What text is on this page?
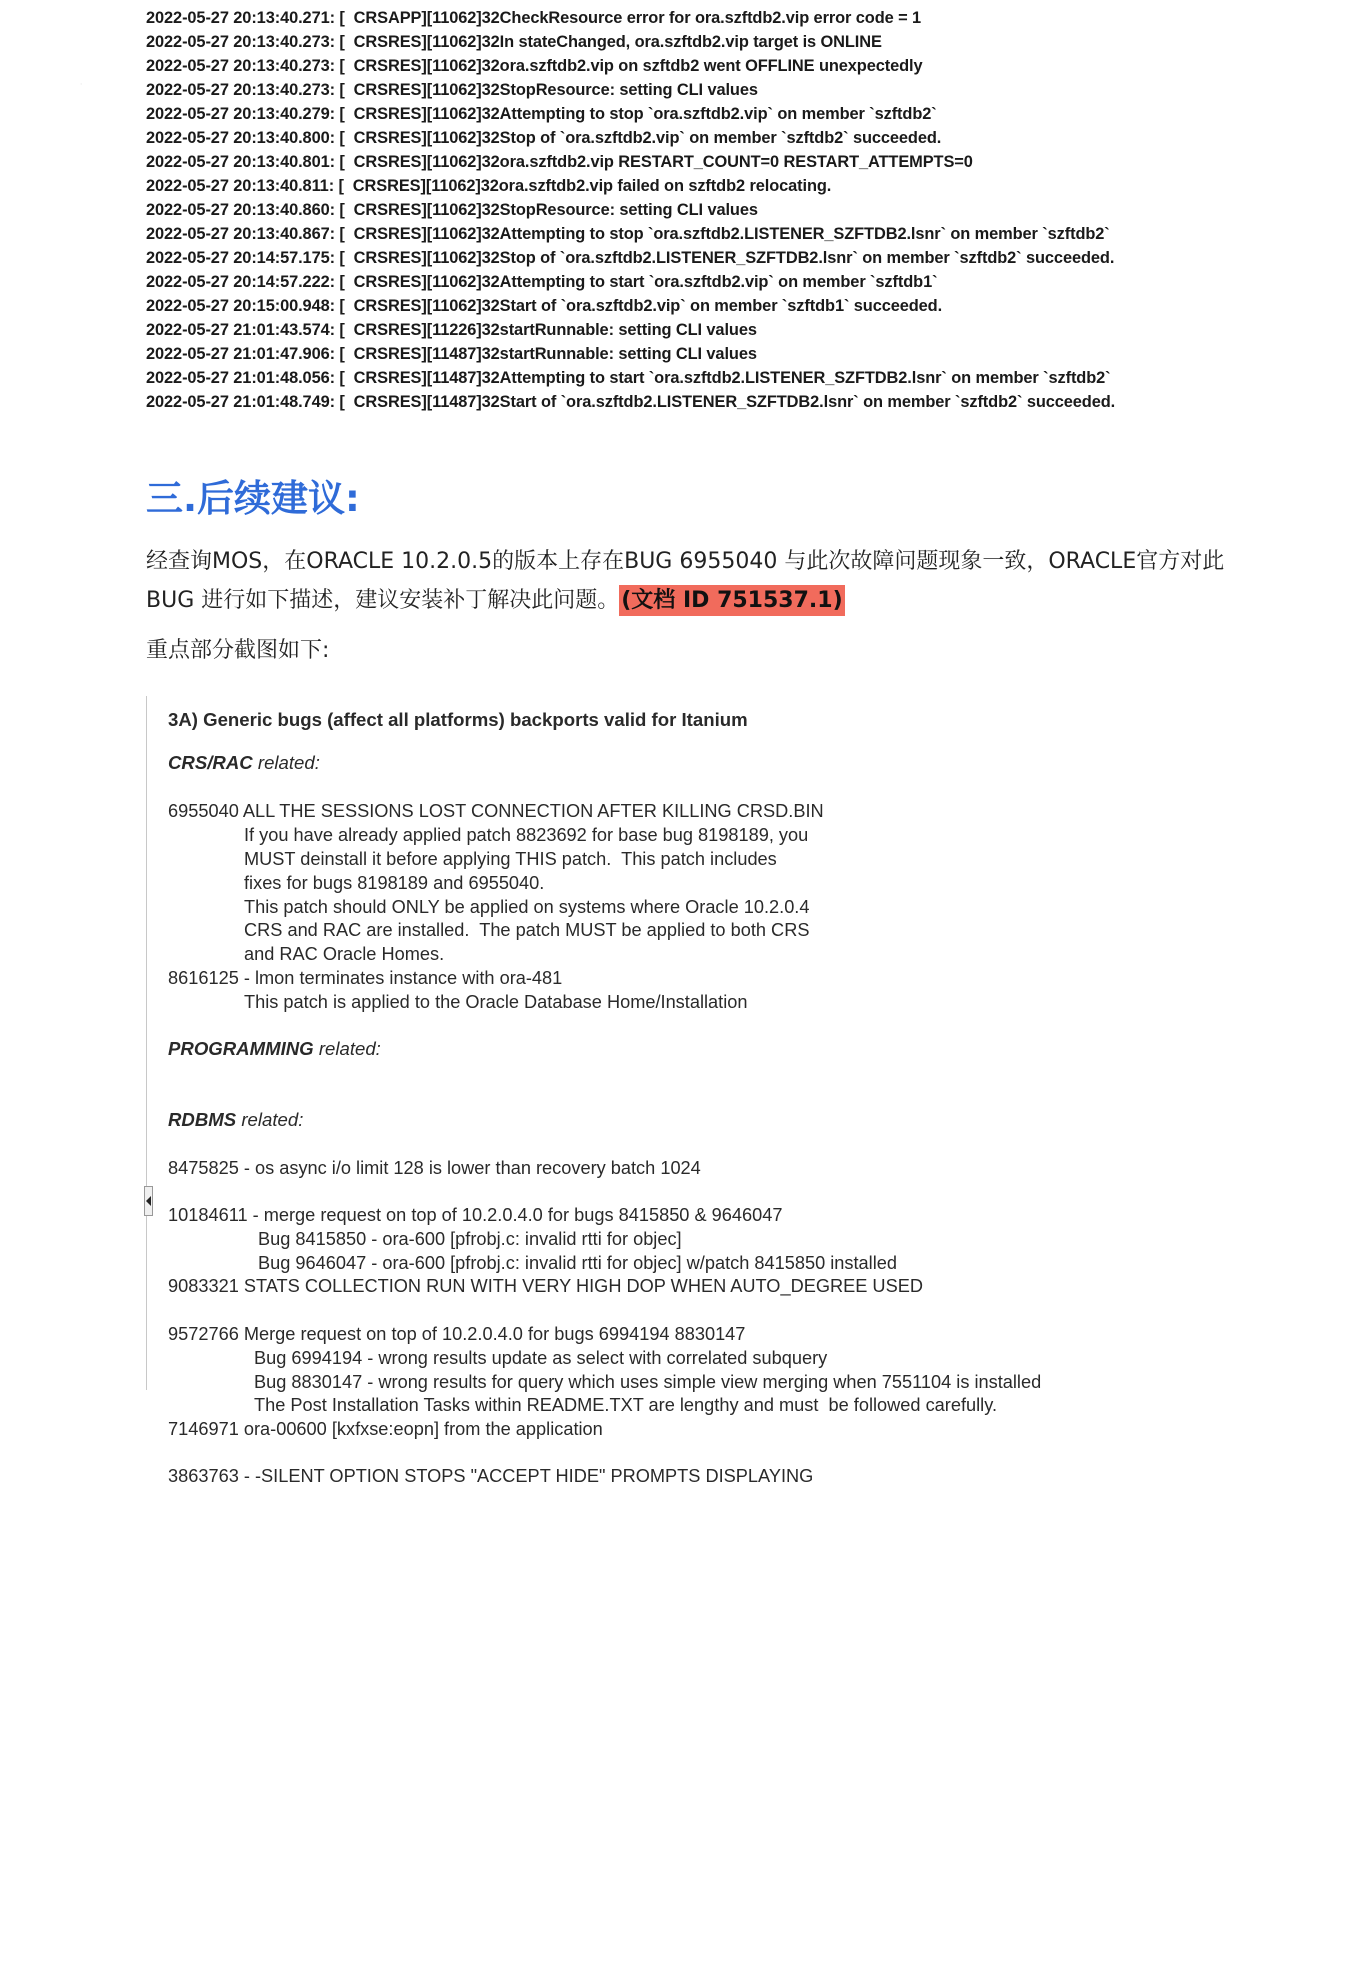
2022-05-27 20:13:40.271: [  CRSAPP][11062]32CheckResource error for ora.szftdb2.vip error code = 1
2022-05-27 20:13:40.273: [  CRSRES][11062]32In stateChanged, ora.szftdb2.vip target is ONLINE
2022-05-27 20:13:40.273: [  CRSRES][11062]32ora.szftdb2.vip on szftdb2 went OFFLINE unexpectedly
2022-05-27 20:13:40.273: [  CRSRES][11062]32StopResource: setting CLI values
2022-05-27 20:13:40.279: [  CRSRES][11062]32Attempting to stop `ora.szftdb2.vip` on member `szftdb2`
2022-05-27 20:13:40.800: [  CRSRES][11062]32Stop of `ora.szftdb2.vip` on member `szftdb2` succeeded.
2022-05-27 20:13:40.801: [  CRSRES][11062]32ora.szftdb2.vip RESTART_COUNT=0 RESTART_ATTEMPTS=0
2022-05-27 20:13:40.811: [  CRSRES][11062]32ora.szftdb2.vip failed on szftdb2 relocating.
2022-05-27 20:13:40.860: [  CRSRES][11062]32StopResource: setting CLI values
2022-05-27 20:13:40.867: [  CRSRES][11062]32Attempting to stop `ora.szftdb2.LISTENER_SZFTDB2.lsnr` on member `szftdb2`
2022-05-27 20:14:57.175: [  CRSRES][11062]32Stop of `ora.szftdb2.LISTENER_SZFTDB2.lsnr` on member `szftdb2` succeeded.
2022-05-27 20:14:57.222: [  CRSRES][11062]32Attempting to start `ora.szftdb2.vip` on member `szftdb1`
2022-05-27 20:15:00.948: [  CRSRES][11062]32Start of `ora.szftdb2.vip` on member `szftdb1` succeeded.
2022-05-27 21:01:43.574: [  CRSRES][11226]32startRunnable: setting CLI values
2022-05-27 21:01:47.906: [  CRSRES][11487]32startRunnable: setting CLI values
2022-05-27 21:01:48.056: [  CRSRES][11487]32Attempting to start `ora.szftdb2.LISTENER_SZFTDB2.lsnr` on member `szftdb2`
2022-05-27 21:01:48.749: [  CRSRES][11487]32Start of `ora.szftdb2.LISTENER_SZFTDB2.lsnr` on member `szftdb2` succeeded.
三.后续建议:

经查询MOS，在ORACLE 10.2.0.5的版本上存在BUG 6955040 与此次故障问题现象一致，ORACLE官方对此BUG 进行如下描述，建议安装补丁解决此问题。(文档 ID 751537.1)

重点部分截图如下:

3A) Generic bugs (affect all platforms) backports valid for Itanium
CRS/RAC related:
6955040 ALL THE SESSIONS LOST CONNECTION AFTER KILLING CRSD.BIN
If you have already applied patch 8823692 for base bug 8198189, you
MUST deinstall it before applying THIS patch.  This patch includes
fixes for bugs 8198189 and 6955040.
This patch should ONLY be applied on systems where Oracle 10.2.0.4
CRS and RAC are installed.  The patch MUST be applied to both CRS
and RAC Oracle Homes.
8616125 - lmon terminates instance with ora-481
This patch is applied to the Oracle Database Home/Installation
PROGRAMMING related:
RDBMS related:
8475825 - os async i/o limit 128 is lower than recovery batch 1024
10184611 - merge request on top of 10.2.0.4.0 for bugs 8415850 & 9646047
Bug 8415850 - ora-600 [pfrobj.c: invalid rtti for objec]
Bug 9646047 - ora-600 [pfrobj.c: invalid rtti for objec] w/patch 8415850 installed
9083321 STATS COLLECTION RUN WITH VERY HIGH DOP WHEN AUTO_DEGREE USED
9572766 Merge request on top of 10.2.0.4.0 for bugs 6994194 8830147
Bug 6994194 - wrong results update as select with correlated subquery
Bug 8830147 - wrong results for query which uses simple view merging when 7551104 is installed
The Post Installation Tasks within README.TXT are lengthy and must  be followed carefully.
7146971 ora-00600 [kxfxse:eopn] from the application
3863763 - -SILENT OPTION STOPS "ACCEPT HIDE" PROMPTS DISPLAYING
·
